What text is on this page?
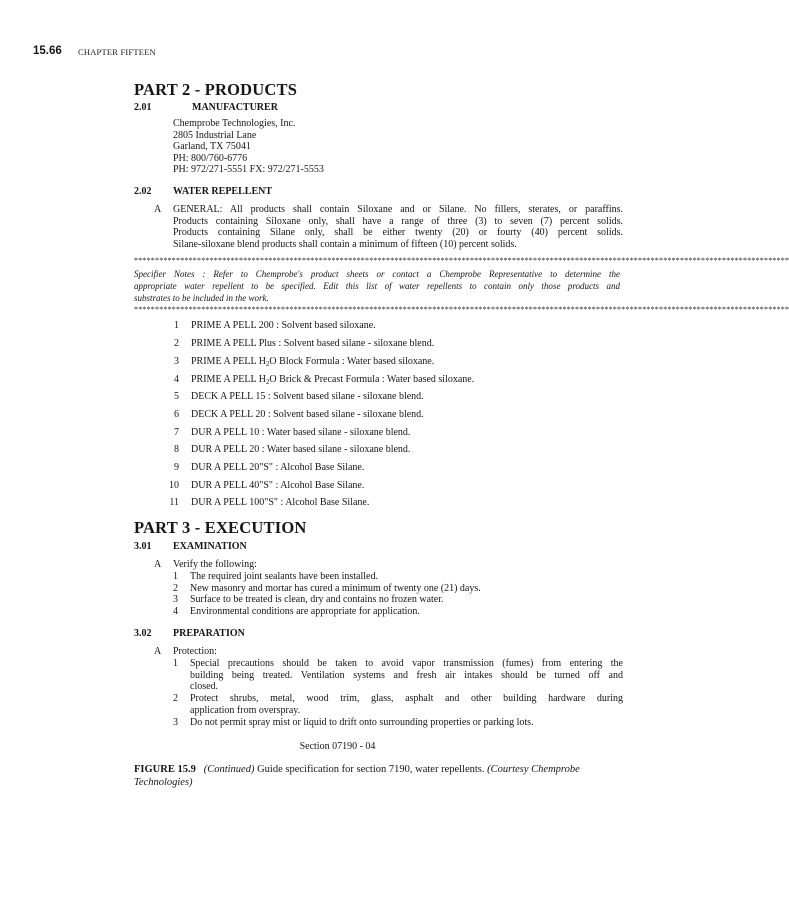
15.66 CHAPTER FIFTEEN
PART 2 - PRODUCTS
2.01	MANUFACTURER
Chemprobe Technologies, Inc.
2805 Industrial Lane
Garland, TX 75041
PH: 800/760-6776
PH: 972/271-5551 FX: 972/271-5553
2.02 WATER REPELLENT
A GENERAL: All products shall contain Siloxane and or Silane. No fillers, sterates, or paraffins.
Products containing Siloxane only, shall have a range of three (3) to seven (7) percent solids.
Products containing Silane only, shall be either twenty (20) or fourty (40) percent solids.
Silane-siloxane blend products shall contain a minimum of fifteen (10) percent solids.
************************************************************************************************************************************************************
Specifier Notes : Refer to Chemprobe's product sheets or contact a Chemprobe Representative to determine the
appropriate water repellent to be specified. Edit this list of water repellents to contain only those products and
substrates to be included in the work.
************************************************************************************************************************************************************
1 PRIME A PELL 200 : Solvent based siloxane.
2 PRIME A PELL Plus : Solvent based silane - siloxane blend.
3 PRIME A PELL $H_2O$ Block Formula : Water based siloxane.
4 PRIME A PELL $H_2O$ Brick & Precast Formula : Water based siloxane.
5 DECK A PELL 15 : Solvent based silane - siloxane blend.
6 DECK A PELL 20 : Solvent based silane - siloxane blend.
7 DUR A PELL 10 : Water based silane - siloxane blend.
8 DUR A PELL 20 : Water based silane - siloxane blend.
9 DUR A PELL 20"S" : Alcohol Base Silane.
10 DUR A PELL 40"S" : Alcohol Base Silane.
11 DUR A PELL 100"S" : Alcohol Base Silane.
PART 3 - EXECUTION
3.01 EXAMINATION
A Verify the following:
1 The required joint sealants have been installed.
2 New masonry and mortar has cured a minimum of twenty one (21) days.
3 Surface to be treated is clean, dry and contains no frozen water.
4 Environmental conditions are appropriate for application.
3.02 PREPARATION
A Protection:
1 Special precautions should be taken to avoid vapor transmission (fumes) from entering the
building being treated. Ventilation systems and fresh air intakes should be turned off and
closed.
2 Protect shrubs, metal, wood trim, glass, asphalt and other building hardware during
application from overspray.
3 Do not permit spray mist or liquid to drift onto surrounding properties or parking lots.
Section 07190 - 04
FIGURE 15.9 (Continued) Guide specification for section 7190, water repellents. (Courtesy Chemprobe Technologies)
